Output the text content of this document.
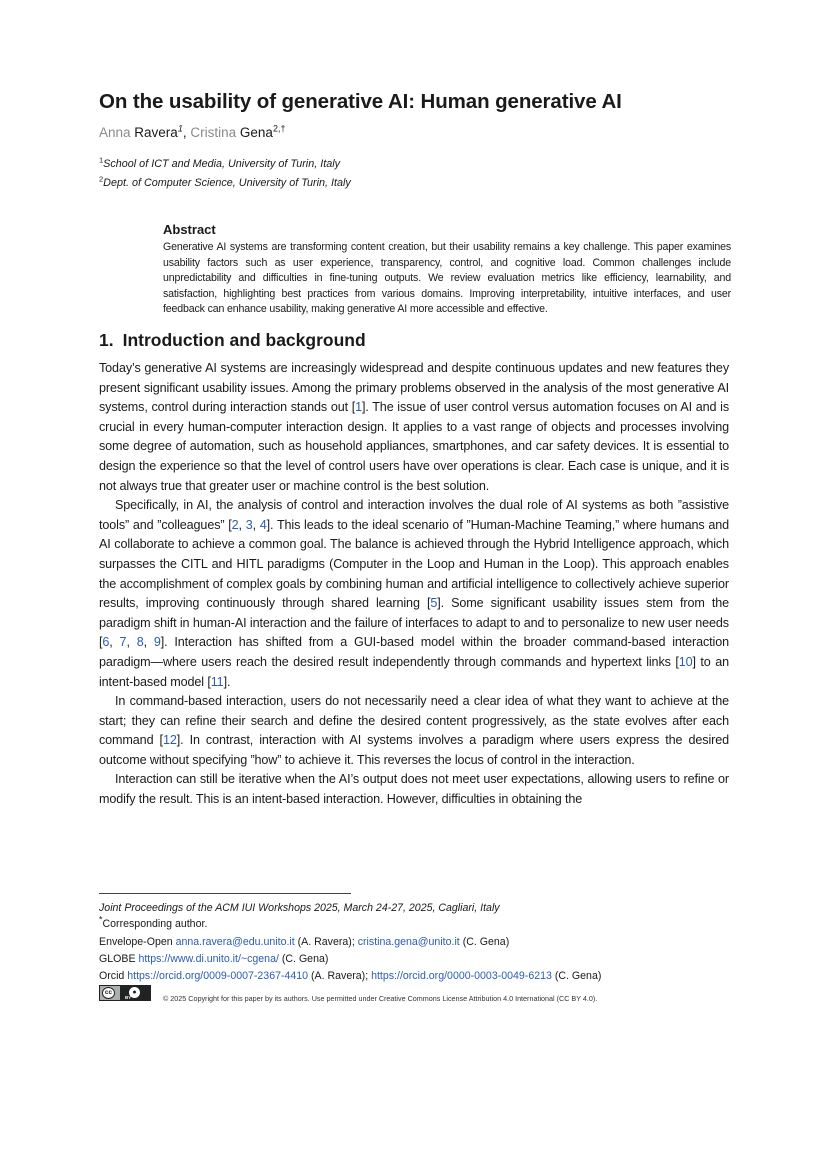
On the usability of generative AI: Human generative AI
Anna Ravera$^1$, Cristina Gena$^{2,\dagger}$
$^1$School of ICT and Media, University of Turin, Italy
$^2$Dept. of Computer Science, University of Turin, Italy
Abstract
Generative AI systems are transforming content creation, but their usability remains a key challenge. This paper examines usability factors such as user experience, transparency, control, and cognitive load. Common challenges include unpredictability and difficulties in fine-tuning outputs. We review evaluation metrics like efficiency, learnability, and satisfaction, highlighting best practices from various domains. Improving interpretability, intuitive interfaces, and user feedback can enhance usability, making generative AI more accessible and effective.
1. Introduction and background

Today’s generative AI systems are increasingly widespread and despite continuous updates and new features they present significant usability issues. Among the primary problems observed in the analysis of the most generative AI systems, control during interaction stands out [1]. The issue of user control versus automation focuses on AI and is crucial in every human-computer interaction design. It applies to a vast range of objects and processes involving some degree of automation, such as household appliances, smartphones, and car safety devices. It is essential to design the experience so that the level of control users have over operations is clear. Each case is unique, and it is not always true that greater user or machine control is the best solution.

Specifically, in AI, the analysis of control and interaction involves the dual role of AI systems as both ”assistive tools” and ”colleagues” [2, 3, 4]. This leads to the ideal scenario of ”Human-Machine Teaming,” where humans and AI collaborate to achieve a common goal. The balance is achieved through the Hybrid Intelligence approach, which surpasses the CITL and HITL paradigms (Computer in the Loop and Human in the Loop). This approach enables the accomplishment of complex goals by combining human and artificial intelligence to collectively achieve superior results, improving continuously through shared learning [5]. Some significant usability issues stem from the paradigm shift in human-AI interaction and the failure of interfaces to adapt to and to personalize to new user needs [6, 7, 8, 9]. Interaction has shifted from a GUI-based model within the broader command-based interaction paradigm—where users reach the desired result independently through commands and hypertext links [10] to an intent-based model [11].

In command-based interaction, users do not necessarily need a clear idea of what they want to achieve at the start; they can refine their search and define the desired content progressively, as the state evolves after each command [12]. In contrast, interaction with AI systems involves a paradigm where users express the desired outcome without specifying ”how” to achieve it. This reverses the locus of control in the interaction.

Interaction can still be iterative when the AI’s output does not meet user expectations, allowing users to refine or modify the result. This is an intent-based interaction. However, difficulties in obtaining the

Joint Proceedings of the ACM IUI Workshops 2025, March 24-27, 2025, Cagliari, Italy
*Corresponding author.
Envelope-Open anna.ravera@edu.unito.it (A. Ravera); cristina.gena@unito.it (C. Gena)
GLOBE https://www.di.unito.it/~cgena/ (C. Gena)
Orcid https://orcid.org/0009-0007-2367-4410 (A. Ravera); https://orcid.org/0000-0003-0049-6213 (C. Gena)
cc	●
BY	© 2025 Copyright for this paper by its authors. Use permitted under Creative Commons License Attribution 4.0 International (CC BY 4.0).
